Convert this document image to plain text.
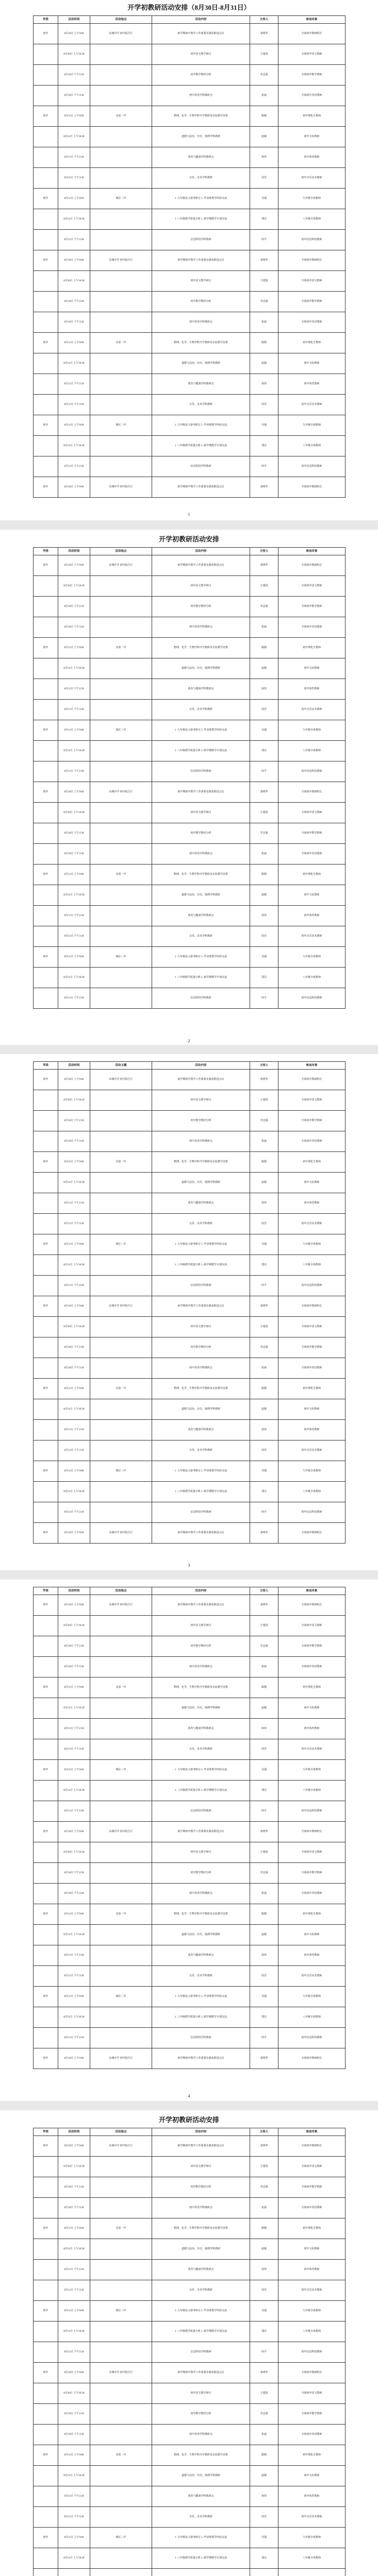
开学初教研活动安排（8月30日-8月31日）
学段	活动时间	活动地点	活动内容	主持人	参加对象
初中	8月30日 上午9:00	东城中学 初中报告厅	新学期初中教学工作部署及课改推进会议	刘明华	全体初中教研组长
	8月30日 上午10:30		初中语文教学研讨	王建国	全体初中语文教师
	8月30日 下午2:30		初中数学教材分析	李志强	全体初中数学教师
	8月30日 下午3:30		初中英语学科教研会	张丽	全体初中英语教师
初中	8月31日 上午9:00	实验一中	物理、化学、生物学科开学教研及实验教学安排	陈刚	初中理化生教师
	8月31日 上午10:30		道德与法治、历史、地理学科教研	赵敏	初中文综教师
	8月31日 下午2:30		体育与健康学科教研会	孙伟	初中体育教师
	8月31日 下午3:30		音乐、美术学科教研	周芳	初中音乐美术教师
初中	8月31日 上午9:00	城区三中	1. 九年级复习备考研讨 2. 毕业班教学经验交流	吴强	九年级全体教师
	8月31日 上午10:30		1. 八年级教学质量分析 2. 新学期教学计划交流	郑洁	八年级全体教师
	8月31日 下午2:30		信息科技学科教研	何平	初中信息科技教师
初中	8月30日 上午9:00	东城中学 初中报告厅	新学期初中教学工作部署及课改推进会议	刘明华	全体初中教研组长
	8月30日 上午10:30		初中语文教学研讨	王建国	全体初中语文教师
	8月30日 下午2:30		初中数学教材分析	李志强	全体初中数学教师
	8月30日 下午3:30		初中英语学科教研会	张丽	全体初中英语教师
初中	8月31日 上午9:00	实验一中	物理、化学、生物学科开学教研及实验教学安排	陈刚	初中理化生教师
	8月31日 上午10:30		道德与法治、历史、地理学科教研	赵敏	初中文综教师
	8月31日 下午2:30		体育与健康学科教研会	孙伟	初中体育教师
	8月31日 下午3:30		音乐、美术学科教研	周芳	初中音乐美术教师
初中	8月31日 上午9:00	城区三中	1. 九年级复习备考研讨 2. 毕业班教学经验交流	吴强	九年级全体教师
	8月31日 上午10:30		1. 八年级教学质量分析 2. 新学期教学计划交流	郑洁	八年级全体教师
	8月31日 下午2:30		信息科技学科教研	何平	初中信息科技教师
初中	8月30日 上午9:00	东城中学 初中报告厅	新学期初中教学工作部署及课改推进会议	刘明华	全体初中教研组长
1
开学初教研活动安排
学段	活动时间	活动地点	活动内容	主持人	参加对象
初中	8月30日 上午9:00	东城中学 初中报告厅	新学期初中教学工作部署及课改推进会议	刘明华	全体初中教研组长
	8月30日 上午10:30		初中语文教学研讨	王建国	全体初中语文教师
	8月30日 下午2:30		初中数学教材分析	李志强	全体初中数学教师
	8月30日 下午3:30		初中英语学科教研会	张丽	全体初中英语教师
初中	8月31日 上午9:00	实验一中	物理、化学、生物学科开学教研及实验教学安排	陈刚	初中理化生教师
	8月31日 上午10:30		道德与法治、历史、地理学科教研	赵敏	初中文综教师
	8月31日 下午2:30		体育与健康学科教研会	孙伟	初中体育教师
	8月31日 下午3:30		音乐、美术学科教研	周芳	初中音乐美术教师
初中	8月31日 上午9:00	城区三中	1. 九年级复习备考研讨 2. 毕业班教学经验交流	吴强	九年级全体教师
	8月31日 上午10:30		1. 八年级教学质量分析 2. 新学期教学计划交流	郑洁	八年级全体教师
	8月31日 下午2:30		信息科技学科教研	何平	初中信息科技教师
初中	8月30日 上午9:00	东城中学 初中报告厅	新学期初中教学工作部署及课改推进会议	刘明华	全体初中教研组长
	8月30日 上午10:30		初中语文教学研讨	王建国	全体初中语文教师
	8月30日 下午2:30		初中数学教材分析	李志强	全体初中数学教师
	8月30日 下午3:30		初中英语学科教研会	张丽	全体初中英语教师
初中	8月31日 上午9:00	实验一中	物理、化学、生物学科开学教研及实验教学安排	陈刚	初中理化生教师
	8月31日 上午10:30		道德与法治、历史、地理学科教研	赵敏	初中文综教师
	8月31日 下午2:30		体育与健康学科教研会	孙伟	初中体育教师
	8月31日 下午3:30		音乐、美术学科教研	周芳	初中音乐美术教师
初中	8月31日 上午9:00	城区三中	1. 九年级复习备考研讨 2. 毕业班教学经验交流	吴强	九年级全体教师
	8月31日 上午10:30		1. 八年级教学质量分析 2. 新学期教学计划交流	郑洁	八年级全体教师
	8月31日 下午2:30		信息科技学科教研	何平	初中信息科技教师
2
学段	活动时间	活动主题	活动内容	主持人	参加对象
初中	8月30日 上午9:00	东城中学 初中报告厅	新学期初中教学工作部署及课改推进会议	刘明华	全体初中教研组长
	8月30日 上午10:30		初中语文教学研讨	王建国	全体初中语文教师
	8月30日 下午2:30		初中数学教材分析	李志强	全体初中数学教师
	8月30日 下午3:30		初中英语学科教研会	张丽	全体初中英语教师
初中	8月31日 上午9:00	实验一中	物理、化学、生物学科开学教研及实验教学安排	陈刚	初中理化生教师
	8月31日 上午10:30		道德与法治、历史、地理学科教研	赵敏	初中文综教师
	8月31日 下午2:30		体育与健康学科教研会	孙伟	初中体育教师
	8月31日 下午3:30		音乐、美术学科教研	周芳	初中音乐美术教师
初中	8月31日 上午9:00	城区三中	1. 九年级复习备考研讨 2. 毕业班教学经验交流	吴强	九年级全体教师
	8月31日 上午10:30		1. 八年级教学质量分析 2. 新学期教学计划交流	郑洁	八年级全体教师
	8月31日 下午2:30		信息科技学科教研	何平	初中信息科技教师
初中	8月30日 上午9:00	东城中学 初中报告厅	新学期初中教学工作部署及课改推进会议	刘明华	全体初中教研组长
	8月30日 上午10:30		初中语文教学研讨	王建国	全体初中语文教师
	8月30日 下午2:30		初中数学教材分析	李志强	全体初中数学教师
	8月30日 下午3:30		初中英语学科教研会	张丽	全体初中英语教师
初中	8月31日 上午9:00	实验一中	物理、化学、生物学科开学教研及实验教学安排	陈刚	初中理化生教师
	8月31日 上午10:30		道德与法治、历史、地理学科教研	赵敏	初中文综教师
	8月31日 下午2:30		体育与健康学科教研会	孙伟	初中体育教师
	8月31日 下午3:30		音乐、美术学科教研	周芳	初中音乐美术教师
初中	8月31日 上午9:00	城区三中	1. 九年级复习备考研讨 2. 毕业班教学经验交流	吴强	九年级全体教师
	8月31日 上午10:30		1. 八年级教学质量分析 2. 新学期教学计划交流	郑洁	八年级全体教师
	8月31日 下午2:30		信息科技学科教研	何平	初中信息科技教师
初中	8月30日 上午9:00	东城中学 初中报告厅	新学期初中教学工作部署及课改推进会议	刘明华	全体初中教研组长
3
学段	活动时间	活动地点	活动内容	主持人	参加对象
初中	8月30日 上午9:00	东城中学 初中报告厅	新学期初中教学工作部署及课改推进会议	刘明华	全体初中教研组长
	8月30日 上午10:30		初中语文教学研讨	王建国	全体初中语文教师
	8月30日 下午2:30		初中数学教材分析	李志强	全体初中数学教师
	8月30日 下午3:30		初中英语学科教研会	张丽	全体初中英语教师
初中	8月31日 上午9:00	实验一中	物理、化学、生物学科开学教研及实验教学安排	陈刚	初中理化生教师
	8月31日 上午10:30		道德与法治、历史、地理学科教研	赵敏	初中文综教师
	8月31日 下午2:30		体育与健康学科教研会	孙伟	初中体育教师
	8月31日 下午3:30		音乐、美术学科教研	周芳	初中音乐美术教师
初中	8月31日 上午9:00	城区三中	1. 九年级复习备考研讨 2. 毕业班教学经验交流	吴强	九年级全体教师
	8月31日 上午10:30		1. 八年级教学质量分析 2. 新学期教学计划交流	郑洁	八年级全体教师
	8月31日 下午2:30		信息科技学科教研	何平	初中信息科技教师
初中	8月30日 上午9:00	东城中学 初中报告厅	新学期初中教学工作部署及课改推进会议	刘明华	全体初中教研组长
	8月30日 上午10:30		初中语文教学研讨	王建国	全体初中语文教师
	8月30日 下午2:30		初中数学教材分析	李志强	全体初中数学教师
	8月30日 下午3:30		初中英语学科教研会	张丽	全体初中英语教师
初中	8月31日 上午9:00	实验一中	物理、化学、生物学科开学教研及实验教学安排	陈刚	初中理化生教师
	8月31日 上午10:30		道德与法治、历史、地理学科教研	赵敏	初中文综教师
	8月31日 下午2:30		体育与健康学科教研会	孙伟	初中体育教师
	8月31日 下午3:30		音乐、美术学科教研	周芳	初中音乐美术教师
初中	8月31日 上午9:00	城区三中	1. 九年级复习备考研讨 2. 毕业班教学经验交流	吴强	九年级全体教师
	8月31日 上午10:30		1. 八年级教学质量分析 2. 新学期教学计划交流	郑洁	八年级全体教师
	8月31日 下午2:30		信息科技学科教研	何平	初中信息科技教师
初中	8月30日 上午9:00	东城中学 初中报告厅	新学期初中教学工作部署及课改推进会议	刘明华	全体初中教研组长
4
开学初教研活动安排
学段	活动时间	活动地点	活动内容	主持人	参加对象
初中	8月30日 上午9:00	东城中学 初中报告厅	新学期初中教学工作部署及课改推进会议	刘明华	全体初中教研组长
	8月30日 上午10:30		初中语文教学研讨	王建国	全体初中语文教师
	8月30日 下午2:30		初中数学教材分析	李志强	全体初中数学教师
	8月30日 下午3:30		初中英语学科教研会	张丽	全体初中英语教师
初中	8月31日 上午9:00	实验一中	物理、化学、生物学科开学教研及实验教学安排	陈刚	初中理化生教师
	8月31日 上午10:30		道德与法治、历史、地理学科教研	赵敏	初中文综教师
	8月31日 下午2:30		体育与健康学科教研会	孙伟	初中体育教师
	8月31日 下午3:30		音乐、美术学科教研	周芳	初中音乐美术教师
初中	8月31日 上午9:00	城区三中	1. 九年级复习备考研讨 2. 毕业班教学经验交流	吴强	九年级全体教师
	8月31日 上午10:30		1. 八年级教学质量分析 2. 新学期教学计划交流	郑洁	八年级全体教师
	8月31日 下午2:30		信息科技学科教研	何平	初中信息科技教师
初中	8月30日 上午9:00	东城中学 初中报告厅	新学期初中教学工作部署及课改推进会议	刘明华	全体初中教研组长
	8月30日 上午10:30		初中语文教学研讨	王建国	全体初中语文教师
	8月30日 下午2:30		初中数学教材分析	李志强	全体初中数学教师
	8月30日 下午3:30		初中英语学科教研会	张丽	全体初中英语教师
初中	8月31日 上午9:00	实验一中	物理、化学、生物学科开学教研及实验教学安排	陈刚	初中理化生教师
	8月31日 上午10:30		道德与法治、历史、地理学科教研	赵敏	初中文综教师
	8月31日 下午2:30		体育与健康学科教研会	孙伟	初中体育教师
	8月31日 下午3:30		音乐、美术学科教研	周芳	初中音乐美术教师
初中	8月31日 上午9:00	城区三中	1. 九年级复习备考研讨 2. 毕业班教学经验交流	吴强	九年级全体教师
	8月31日 上午10:30		1. 八年级教学质量分析 2. 新学期教学计划交流	郑洁	八年级全体教师
